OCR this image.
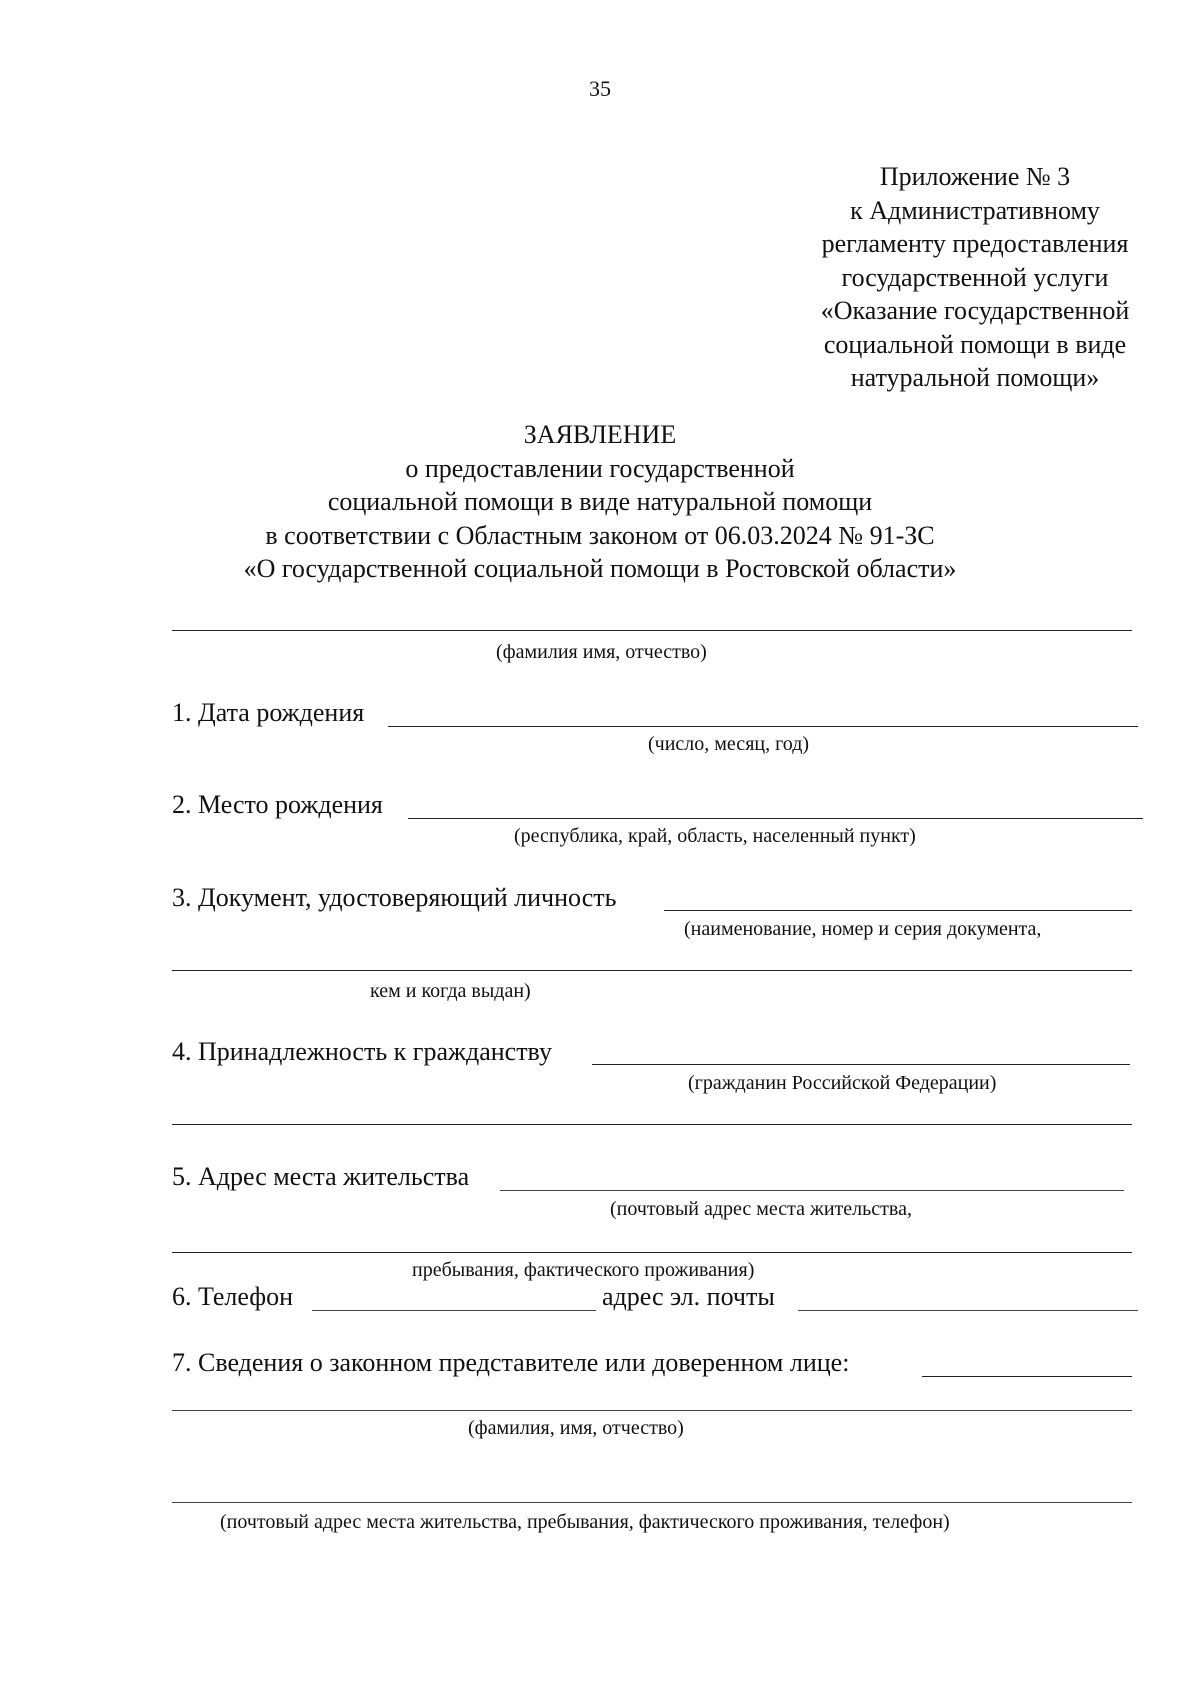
35
Приложение № 3
к Административному
регламенту предоставления
государственной услуги
«Оказание государственной
социальной помощи в виде
натуральной помощи»
ЗАЯВЛЕНИЕ
о предоставлении государственной
социальной помощи в виде натуральной помощи
в соответствии с Областным законом от 06.03.2024 № 91-ЗС
«О государственной социальной помощи в Ростовской области»
(фамилия имя, отчество)
1. Дата рождения
(число, месяц, год)
2. Место рождения
(республика, край, область, населенный пункт)
3. Документ, удостоверяющий личность
(наименование, номер и серия документа,
кем и когда выдан)
4. Принадлежность к гражданству
(гражданин Российской Федерации)
5. Адрес места жительства
(почтовый адрес места жительства,
пребывания, фактического проживания)
6. Телефон	адрес эл. почты
7. Сведения о законном представителе или доверенном лице:
(фамилия, имя, отчество)
(почтовый адрес места жительства, пребывания, фактического проживания, телефон)
